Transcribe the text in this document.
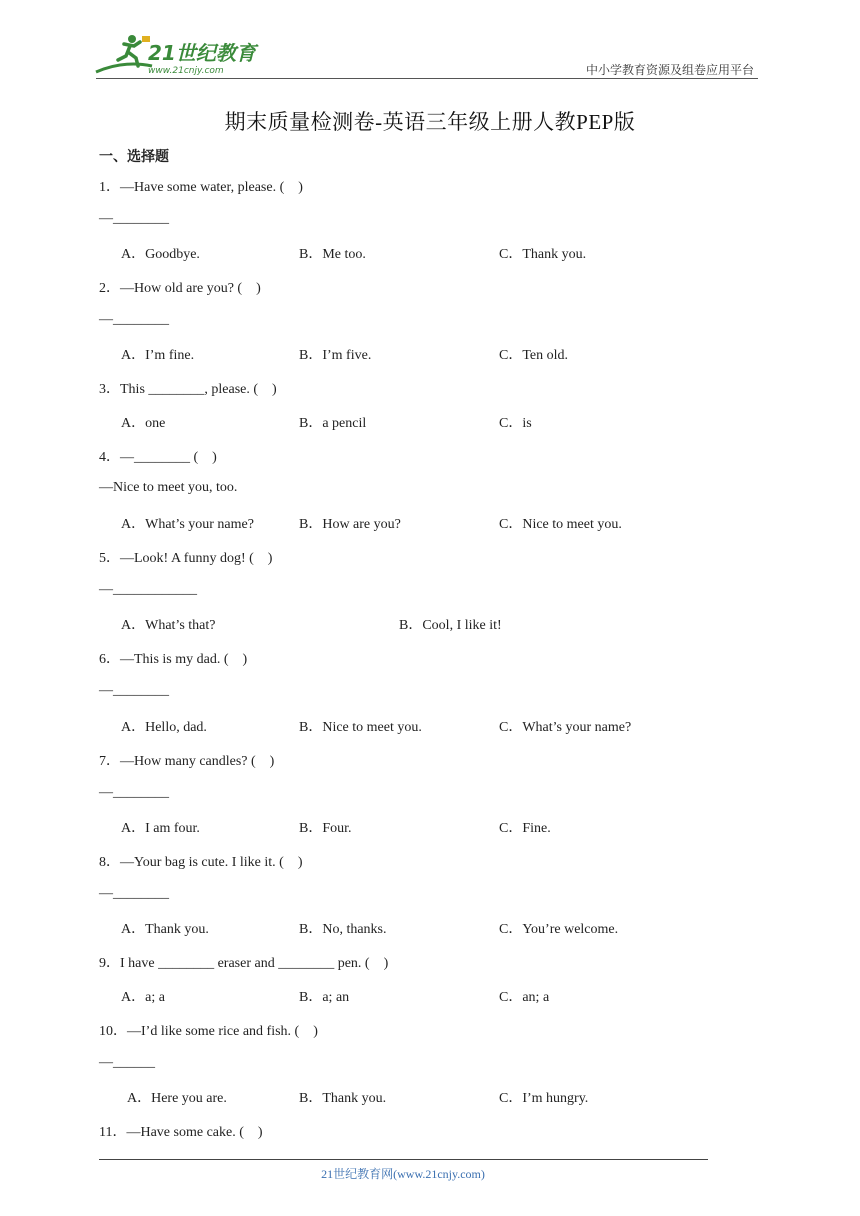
21世纪教育
www.21cnjy.com	中小学教育资源及组卷应用平台
期末质量检测卷-英语三年级上册人教PEP版
一、选择题
1．—Have some water, please. (　)
—________
A．Goodbye.	B．Me too.	C．Thank you.
2．—How old are you? (　)
—________
A．I’m fine.	B．I’m five.	C．Ten old.
3．This ________, please. (　)
A．one	B．a pencil	C．is
4．—________ (　)
—Nice to meet you, too.
A．What’s your name?	B．How are you?	C．Nice to meet you.
5．—Look! A funny dog! (　)
—____________
A．What’s that?	B．Cool, I like it!
6．—This is my dad. (　)
—________
A．Hello, dad.	B．Nice to meet you.	C．What’s your name?
7．—How many candles? (　)
—________
A．I am four.	B．Four.	C．Fine.
8．—Your bag is cute. I like it. (　)
—________
A．Thank you.	B．No, thanks.	C．You’re welcome.
9．I have ________ eraser and ________ pen. (　)
A．a; a	B．a; an	C．an; a
10．—I’d like some rice and fish. (　)
—______
A．Here you are.	B．Thank you.	C．I’m hungry.
11．—Have some cake. (　)
21世纪教育网(www.21cnjy.com)
